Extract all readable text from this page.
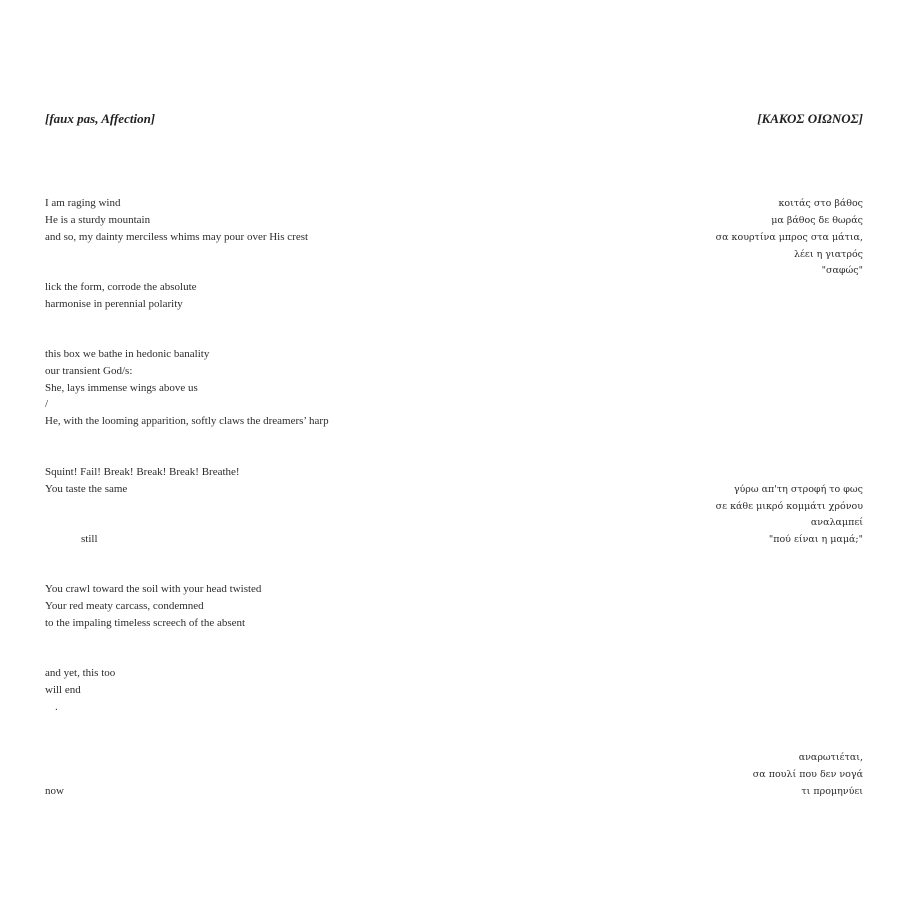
[faux pas, Affection]
I am raging wind
He is a sturdy mountain
and so, my dainty merciless whims may pour over His crest
lick the form, corrode the absolute
harmonise in perennial polarity
this box we bathe in hedonic banality
our transient God/s:
She, lays immense wings above us
/
He, with the looming apparition, softly claws the dreamers’ harp
Squint! Fail! Break! Break! Break! Breathe!
You taste the same
still
You crawl toward the soil with your head twisted
Your red meaty carcass, condemned
to the impaling timeless screech of the absent
and yet, this too
will end
.
now
[ΚΑΚΟΣ ΟΙΩΝΟΣ]
κοιτάς στο βάθος
μα βάθος δε θωράς
σα κουρτίνα μπρος στα μάτια,
λέει η γιατρός
"σαφώς"
γύρω απ'τη στροφή το φως
σε κάθε μικρό κομμάτι χρόνου
αναλαμπεί
"πού είναι η μαμά;"
αναρωτιέται,
σα πουλί που δεν νογά
τι προμηνύει
